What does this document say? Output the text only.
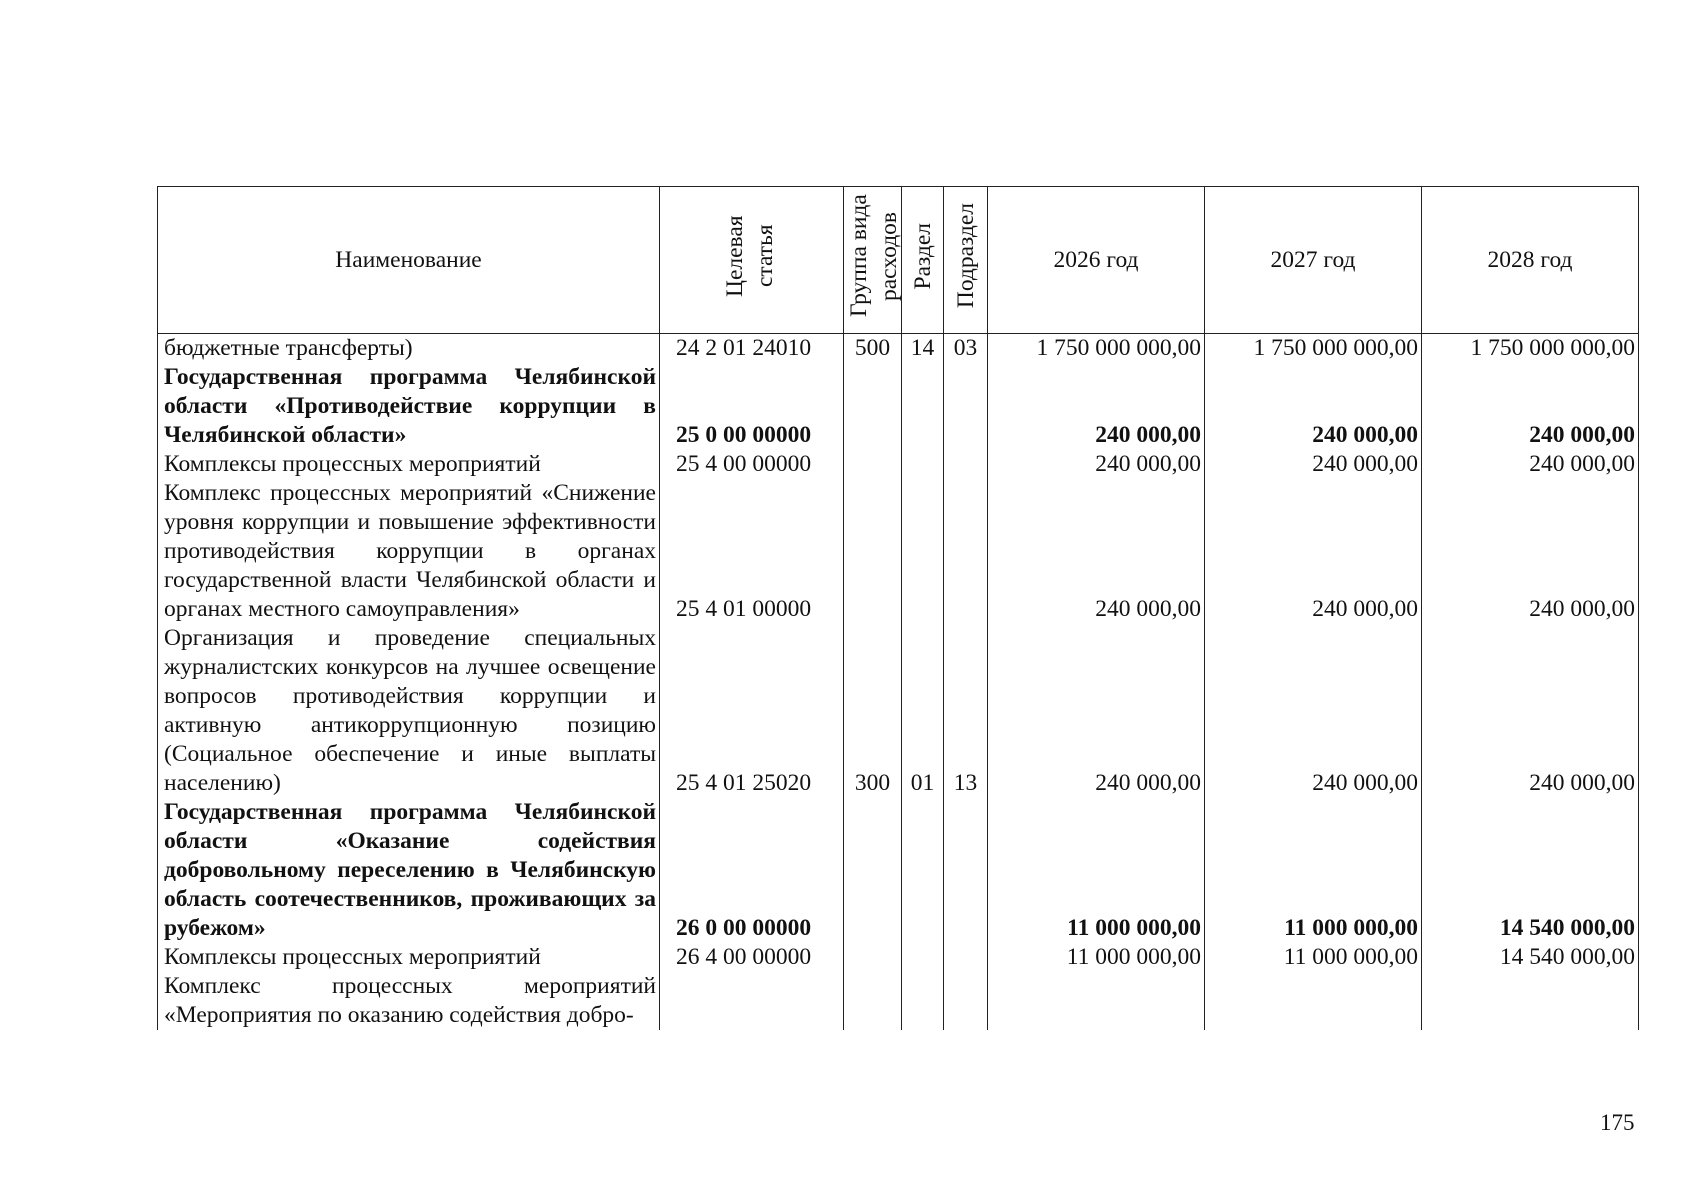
Наименование	Целевая статья	Группа вида расходов	Раздел	Подраздел	2026 год	2027 год	2028 год
бюджетные трансферты)	24 2 01 24010	500	14	03	1 750 000 000,00	1 750 000 000,00	1 750 000 000,00
Государственная программа Челябинской области «Противодействие коррупции в Челябинской области»	25 0 00 00000				240 000,00	240 000,00	240 000,00
Комплексы процессных мероприятий	25 4 00 00000				240 000,00	240 000,00	240 000,00
Комплекс процессных мероприятий «Снижение уровня коррупции и повышение эффективности противодействия коррупции в органах государственной власти Челябинской области и органах местного самоуправления»	25 4 01 00000				240 000,00	240 000,00	240 000,00
Организация и проведение специальных журналистских конкурсов на лучшее освещение вопросов противодействия коррупции и активную антикоррупционную позицию (Социальное обеспечение и иные выплаты населению)	25 4 01 25020	300	01	13	240 000,00	240 000,00	240 000,00
Государственная программа Челябинской области «Оказание содействия добровольному переселению в Челябинскую область соотечественников, проживающих за рубежом»	26 0 00 00000				11 000 000,00	11 000 000,00	14 540 000,00
Комплексы процессных мероприятий	26 4 00 00000				11 000 000,00	11 000 000,00	14 540 000,00
Комплекс процессных мероприятий «Мероприятия по оказанию содействия добро-							
175
